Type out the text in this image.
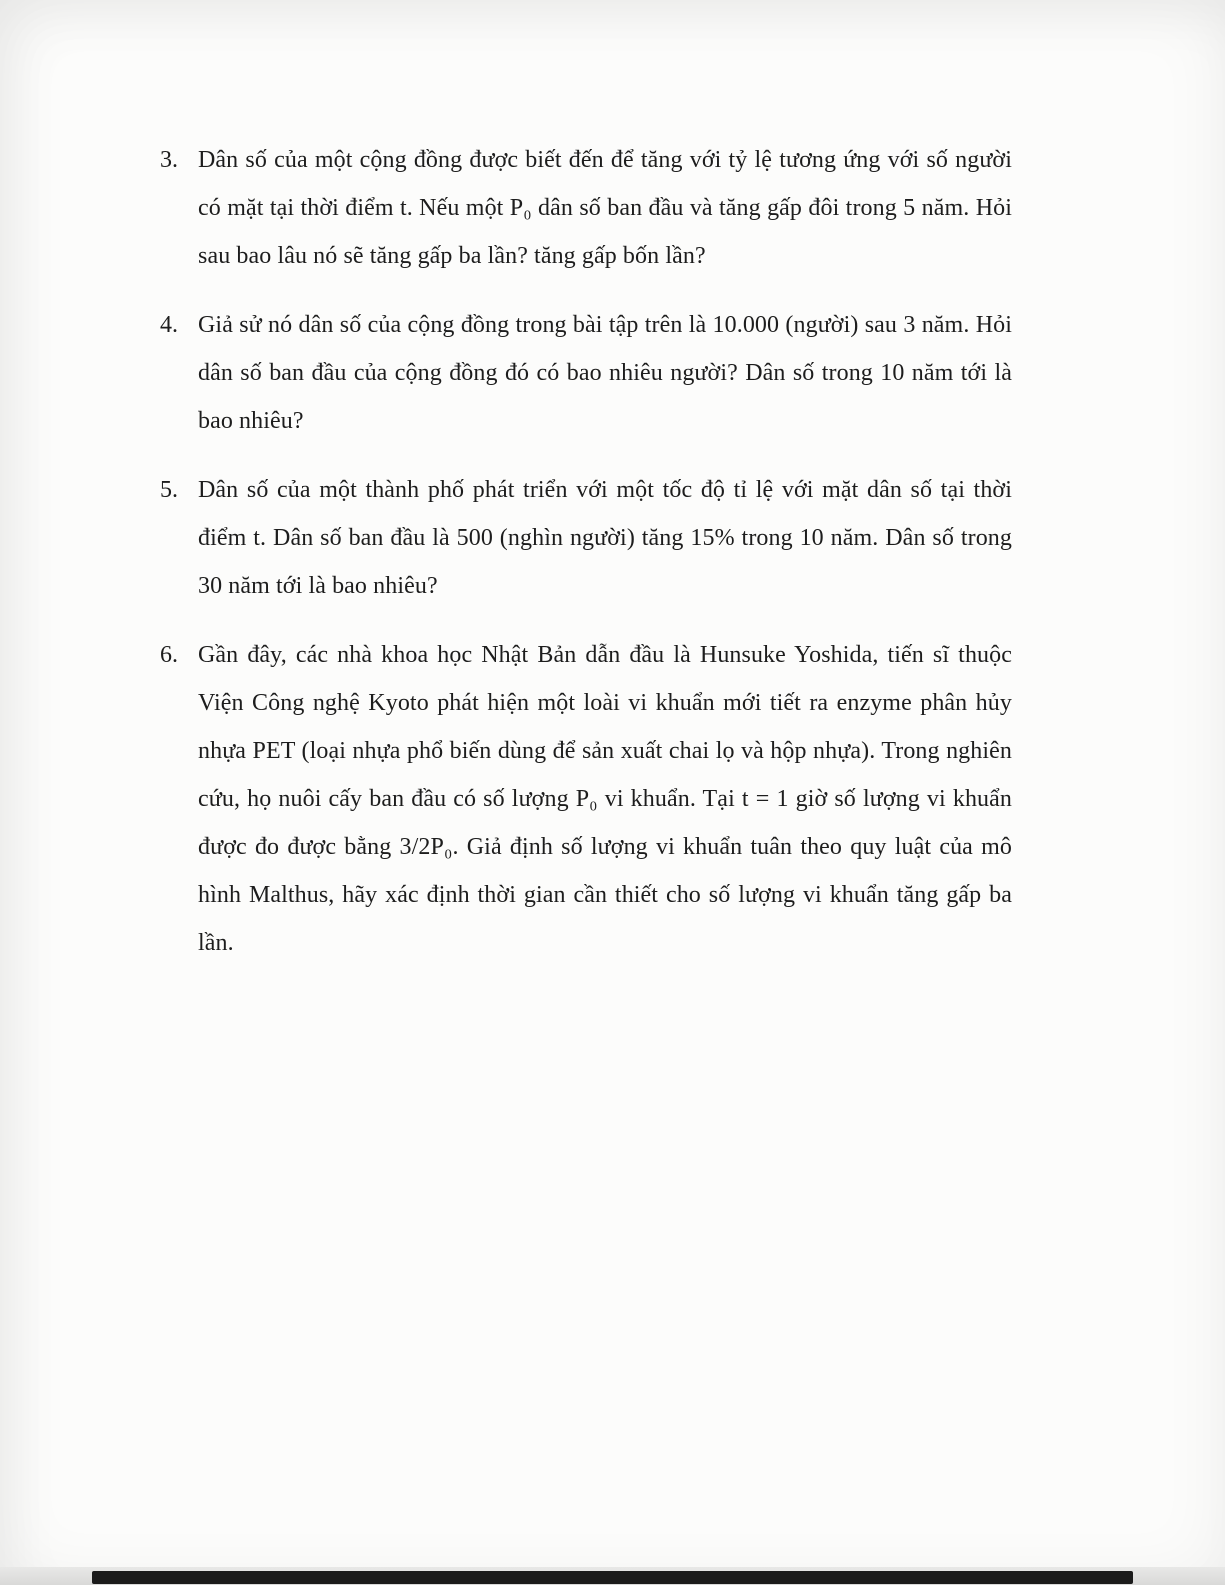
3. Dân số của một cộng đồng được biết đến để tăng với tỷ lệ tương ứng với số người có mặt tại thời điểm t. Nếu một P₀ dân số ban đầu và tăng gấp đôi trong 5 năm. Hỏi sau bao lâu nó sẽ tăng gấp ba lần? tăng gấp bốn lần?
4. Giả sử nó dân số của cộng đồng trong bài tập trên là 10.000 (người) sau 3 năm. Hỏi dân số ban đầu của cộng đồng đó có bao nhiêu người? Dân số trong 10 năm tới là bao nhiêu?
5. Dân số của một thành phố phát triển với một tốc độ tỉ lệ với mặt dân số tại thời điểm t. Dân số ban đầu là 500 (nghìn người) tăng 15% trong 10 năm. Dân số trong 30 năm tới là bao nhiêu?
6. Gần đây, các nhà khoa học Nhật Bản dẫn đầu là Hunsuke Yoshida, tiến sĩ thuộc Viện Công nghệ Kyoto phát hiện một loài vi khuẩn mới tiết ra enzyme phân hủy nhựa PET (loại nhựa phổ biến dùng để sản xuất chai lọ và hộp nhựa). Trong nghiên cứu, họ nuôi cấy ban đầu có số lượng P₀ vi khuẩn. Tại t = 1 giờ số lượng vi khuẩn được đo được bằng 3/2P₀. Giả định số lượng vi khuẩn tuân theo quy luật của mô hình Malthus, hãy xác định thời gian cần thiết cho số lượng vi khuẩn tăng gấp ba lần.
